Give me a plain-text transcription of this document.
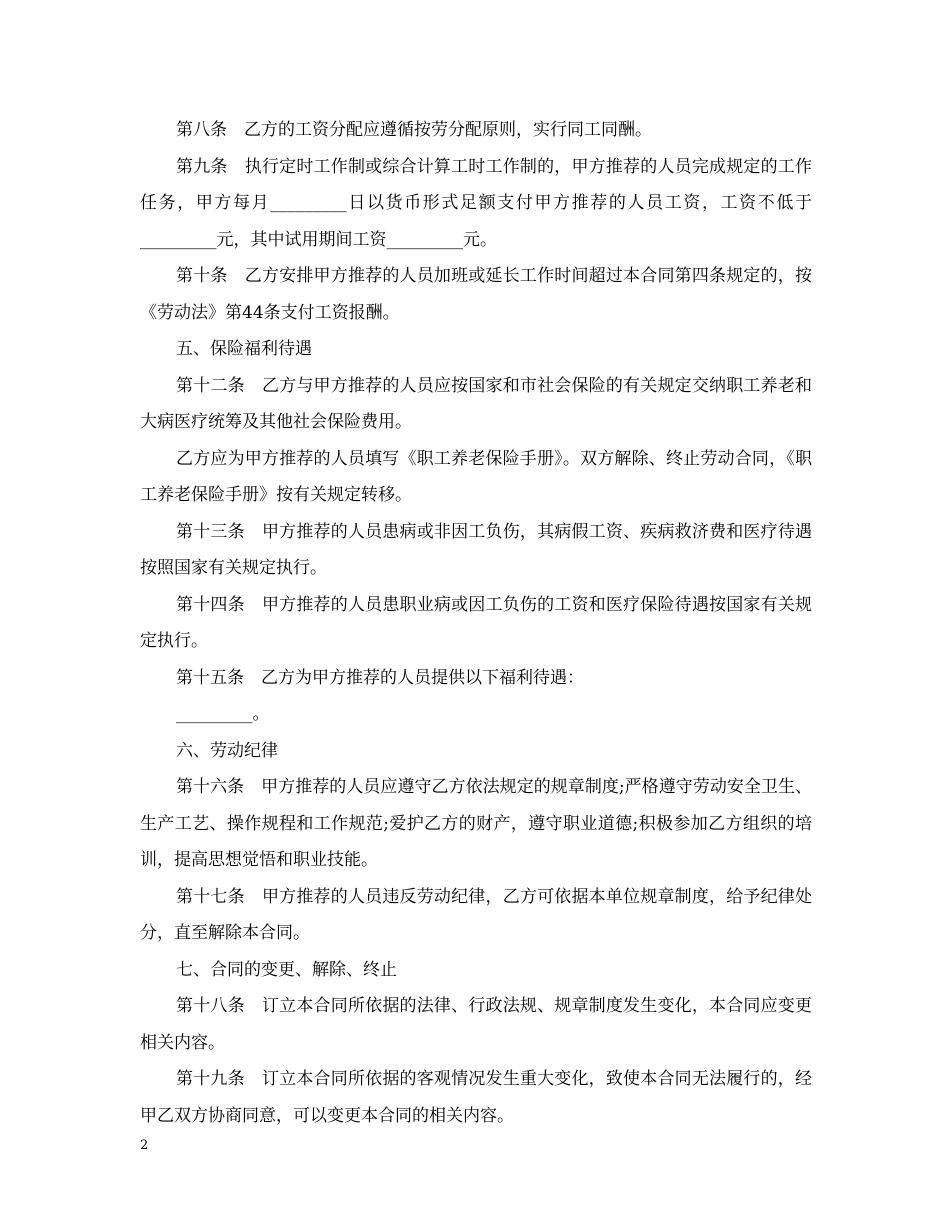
第八条　乙方的工资分配应遵循按劳分配原则，实行同工同酬。

第九条　执行定时工作制或综合计算工时工作制的，甲方推荐的人员完成规定的工作任务，甲方每月_________日以货币形式足额支付甲方推荐的人员工资，工资不低于_________元，其中试用期间工资_________元。

第十条　乙方安排甲方推荐的人员加班或延长工作时间超过本合同第四条规定的，按《劳动法》第44条支付工资报酬。

五、保险福利待遇

第十二条　乙方与甲方推荐的人员应按国家和市社会保险的有关规定交纳职工养老和大病医疗统筹及其他社会保险费用。

乙方应为甲方推荐的人员填写《职工养老保险手册》。双方解除、终止劳动合同，《职工养老保险手册》按有关规定转移。

第十三条　甲方推荐的人员患病或非因工负伤，其病假工资、疾病救济费和医疗待遇按照国家有关规定执行。

第十四条　甲方推荐的人员患职业病或因工负伤的工资和医疗保险待遇按国家有关规定执行。

第十五条　乙方为甲方推荐的人员提供以下福利待遇：

_________。

六、劳动纪律

第十六条　甲方推荐的人员应遵守乙方依法规定的规章制度;严格遵守劳动安全卫生、生产工艺、操作规程和工作规范;爱护乙方的财产，遵守职业道德;积极参加乙方组织的培训，提高思想觉悟和职业技能。

第十七条　甲方推荐的人员违反劳动纪律，乙方可依据本单位规章制度，给予纪律处分，直至解除本合同。

七、合同的变更、解除、终止

第十八条　订立本合同所依据的法律、行政法规、规章制度发生变化，本合同应变更相关内容。

第十九条　订立本合同所依据的客观情况发生重大变化，致使本合同无法履行的，经甲乙双方协商同意，可以变更本合同的相关内容。

2
